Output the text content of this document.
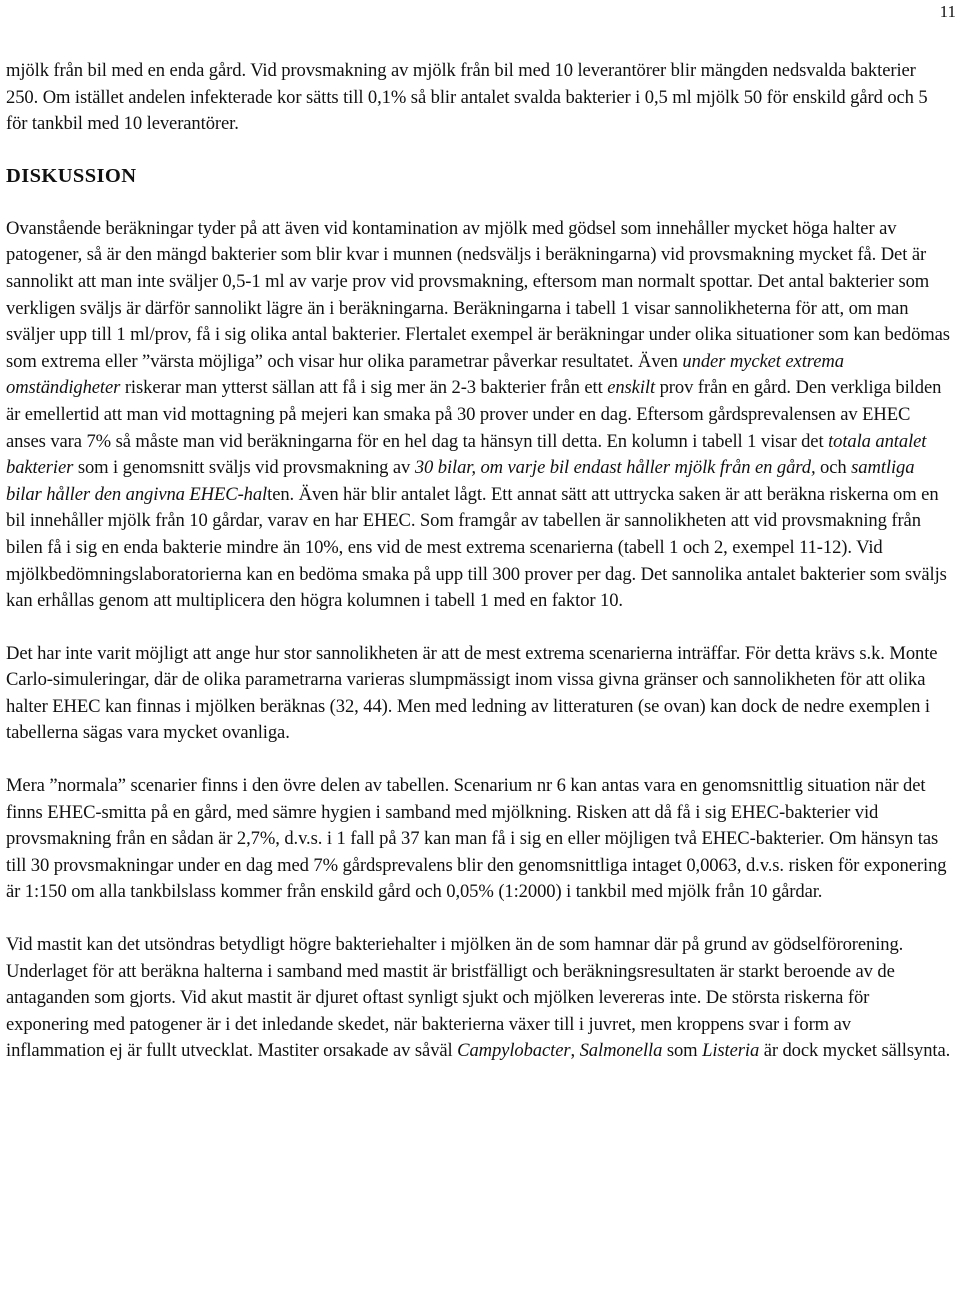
11

mjölk från bil med en enda gård. Vid provsmakning av mjölk från bil med 10 leverantörer blir mängden nedsvalda bakterier 250. Om istället andelen infekterade kor sätts till 0,1% så blir antalet svalda bakterier i 0,5 ml mjölk 50 för enskild gård och 5 för tankbil med 10 leverantörer.

DISKUSSION

Ovanstående beräkningar tyder på att även vid kontamination av mjölk med gödsel som innehåller mycket höga halter av patogener, så är den mängd bakterier som blir kvar i munnen (nedsväljs i beräkningarna) vid provsmakning mycket få. Det är sannolikt att man inte sväljer 0,5-1 ml av varje prov vid provsmakning, eftersom man normalt spottar. Det antal bakterier som verkligen sväljs är därför sannolikt lägre än i beräkningarna. Beräkningarna i tabell 1 visar sannolikheterna för att, om man sväljer upp till 1 ml/prov, få i sig olika antal bakterier. Flertalet exempel är beräkningar under olika situationer som kan bedömas som extrema eller ”värsta möjliga” och visar hur olika parametrar påverkar resultatet. Även under mycket extrema omständigheter riskerar man ytterst sällan att få i sig mer än 2-3 bakterier från ett enskilt prov från en gård. Den verkliga bilden är emellertid att man vid mottagning på mejeri kan smaka på 30 prover under en dag. Eftersom gårdsprevalensen av EHEC anses vara 7% så måste man vid beräkningarna för en hel dag ta hänsyn till detta. En kolumn i tabell 1 visar det totala antalet bakterier som i genomsnitt sväljs vid provsmakning av 30 bilar, om varje bil endast håller mjölk från en gård, och samtliga bilar håller den angivna EHEC-halten. Även här blir antalet lågt. Ett annat sätt att uttrycka saken är att beräkna riskerna om en bil innehåller mjölk från 10 gårdar, varav en har EHEC. Som framgår av tabellen är sannolikheten att vid provsmakning från bilen få i sig en enda bakterie mindre än 10%, ens vid de mest extrema scenarierna (tabell 1 och 2, exempel 11-12). Vid mjölkbedömningslaboratorierna kan en bedöma smaka på upp till 300 prover per dag. Det sannolika antalet bakterier som sväljs kan erhållas genom att multiplicera den högra kolumnen i tabell 1 med en faktor 10.

Det har inte varit möjligt att ange hur stor sannolikheten är att de mest extrema scenarierna inträffar. För detta krävs s.k. Monte Carlo-simuleringar, där de olika parametrarna varieras slumpmässigt inom vissa givna gränser och sannolikheten för att olika halter EHEC kan finnas i mjölken beräknas (32, 44). Men med ledning av litteraturen (se ovan) kan dock de nedre exemplen i tabellerna sägas vara mycket ovanliga.

Mera ”normala” scenarier finns i den övre delen av tabellen. Scenarium nr 6 kan antas vara en genomsnittlig situation när det finns EHEC-smitta på en gård, med sämre hygien i samband med mjölkning. Risken att då få i sig EHEC-bakterier vid provsmakning från en sådan är 2,7%, d.v.s. i 1 fall på 37 kan man få i sig en eller möjligen två EHEC-bakterier. Om hänsyn tas till 30 provsmakningar under en dag med 7% gårdsprevalens blir den genomsnittliga intaget 0,0063, d.v.s. risken för exponering är 1:150 om alla tankbilslass kommer från enskild gård och 0,05% (1:2000) i tankbil med mjölk från 10 gårdar.

Vid mastit kan det utsöndras betydligt högre bakteriehalter i mjölken än de som hamnar där på grund av gödselförorening. Underlaget för att beräkna halterna i samband med mastit är bristfälligt och beräkningsresultaten är starkt beroende av de antaganden som gjorts. Vid akut mastit är djuret oftast synligt sjukt och mjölken levereras inte. De största riskerna för exponering med patogener är i det inledande skedet, när bakterierna växer till i juvret, men kroppens svar i form av inflammation ej är fullt utvecklat. Mastiter orsakade av såväl Campylobacter, Salmonella som Listeria är dock mycket sällsynta.
